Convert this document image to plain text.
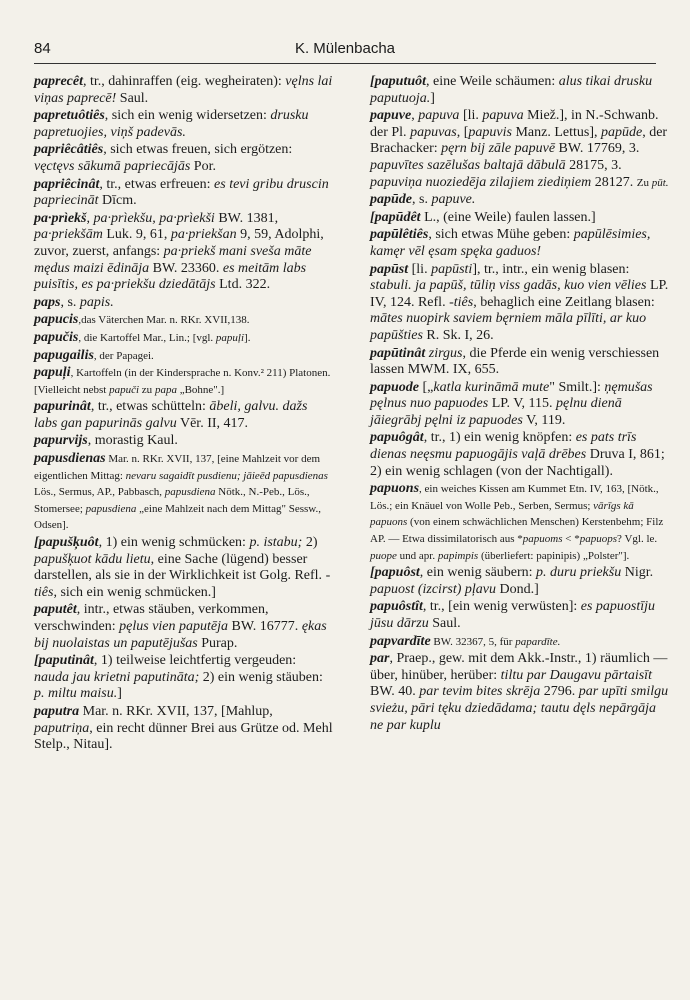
84	K. Mülenbacha

paprecêt, tr., dahinraffen (eig. wegheiraten): vęlns lai viņas paprecē! Saul.

papretuôtiês, sich ein wenig widersetzen: drusku papretuojies, viņš padevās.

papriêcâtiês, sich etwas freuen, sich ergötzen: vęctęvs sākumā papriecājās Por.

papriêcinât, tr., etwas erfreuen: es tevi gribu druscin papriecināt Dīcm.

pa·prìekš, pa·prìekšu, pa·prìekši BW. 1381, pa·priekšām Luk. 9, 61, pa·priekšan 9, 59, Adolphi, zuvor, zuerst, anfangs: pa·priekš mani svešа māte mędus maizi ēdināja BW. 23360. es meitām labs puisītis, es pa·priekšu dziedātājs Ltd. 322.

paps, s. papis.

papucis,das Väterchen Mar. n. RKr. XVII,138.

papučis, die Kartoffel Mar., Lin.; [vgl. papuļi].

papugailis, der Papagei.

papuļi, Kartoffeln (in der Kindersprache n. Konv.² 211) Platonen. [Vielleicht nebst papuči zu papa „Bohne".]

papurinât, tr., etwas schütteln: ābeli, galvu. dažs labs gan papurinās galvu Vēr. II, 417.

papurvijs, morastig Kaul.

papusdienas Mar. n. RKr. XVII, 137, [eine Mahlzeit vor dem eigentlichen Mittag: nevaru sagaidīt pusdienu; jāieēd papusdienas Lös., Sermus, AP., Pabbasch, papusdiena Nötk., N.-Peb., Lös., Stomersee; papusdiena „eine Mahlzeit nach dem Mittag" Sessw., Odsen].

[papušķuôt, 1) ein wenig schmücken: p. istabu; 2) papušķuot kādu lietu, eine Sache (lügend) besser darstellen, als sie in der Wirklichkeit ist Golg. Refl. -tiês, sich ein wenig schmücken.]

paputêt, intr., etwas stäuben, verkommen, verschwinden: pęlus vien paputēja BW. 16777. ękas bij nuolaistas un paputējušas Purap.

[paputinât, 1) teilweise leichtfertig vergeuden: nauda jau krietni paputināta; 2) ein wenig stäuben: p. miltu maisu.]

paputra Mar. n. RKr. XVII, 137, [Mahlup, paputriņa, ein recht dünner Brei aus Grütze od. Mehl Stelp., Nitau].

[paputuôt, eine Weile schäumen: alus tikai drusku paputuoja.]

papuve, papuva [li. papuva Miež.], in N.-Schwanb. der Pl. papuvas, [papuvis Manz. Lettus], papūde, der Brachacker: pęrn bij zāle papuvē BW. 17769, 3. papuvītes sazēlušas baltajā dābulā 28175, 3. papuviņa nuoziedēja zilajiem ziediņiem 28127. Zu pūt.

papūde, s. papuve.

[papūdêt L., (eine Weile) faulen lassen.]

papūlêtiês, sich etwas Mühe geben: papūlēsimies, kamęr vēl ęsam spęka gaduos!

papūst [li. papūsti], tr., intr., ein wenig blasen: stabuli. ja papūš, tūliņ viss gadās, kuo vien vēlies LP. IV, 124. Refl. -tiês, behaglich eine Zeitlang blasen: mātes nuopirk saviem bęrniem māla pīlīti, ar kuo papūšties R. Sk. I, 26.

papūtinât zirgus, die Pferde ein wenig verschiessen lassen MWM. IX, 655.

papuode [„katla kurināmā mute" Smilt.]: ņęmušas pęlnus nuo papuodes LP. V, 115. pęlnu dienā jāiegrābj pęlni iz papuodes V, 119.

papuôgât, tr., 1) ein wenig knöpfen: es pats trīs dienas neęsmu papuogājis vaļā drēbes Druva I, 861; 2) ein wenig schlagen (von der Nachtigall).

papuons, ein weiches Kissen am Kummet Etn. IV, 163, [Nötk., Lös.; ein Knäuel von Wolle Peb., Serben, Sermus; vārīgs kā papuons (von einem schwächlichen Menschen) Kerstenbehm; Filz AP. — Etwa dissimilatorisch aus *papuoms < *papuops? Vgl. le. puope und apr. papimpis (überliefert: papinipis) „Polster"].

[papuôst, ein wenig säubern: p. duru priekšu Nigr. papuost (izcirst) pļavu Dond.]

papuôstît, tr., [ein wenig verwüsten]: es papuostīju jūsu dārzu Saul.

papvardīte BW. 32367, 5, für papardīte.

par, Praep., gew. mit dem Akk.-Instr., 1) räumlich — über, hinüber, herüber: tiltu par Daugavu pārtaisīt BW. 40. par tevim bites skrēja 2796. par upīti smilgu svieżu, pāri tęku dziedādama; tautu dęls nepārgāja ne par kuplu
